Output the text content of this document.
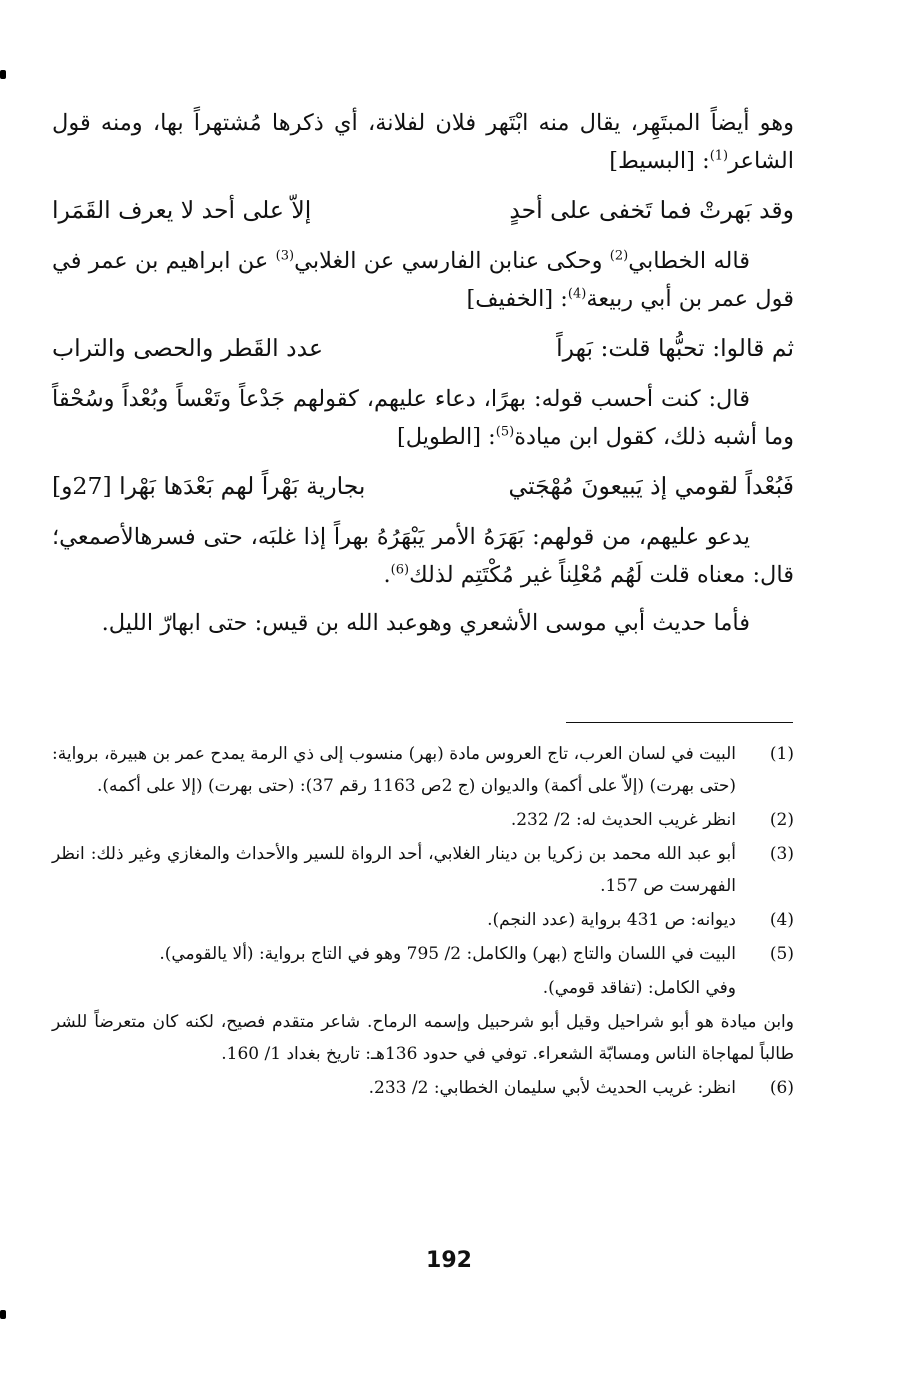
وهو أيضاً المبتَهِر، يقال منه ابْتَهر فلان لفلانة، أي ذكرها مُشتهراً بها، ومنه قول الشاعر$^{(1)}$: [البسيط]

وقد بَهرتْ فما تَخفى على أحدٍ
إلاّ على أحد لا يعرف القَمَرا

قاله الخطابي$^{(2)}$ وحكى عنابن الفارسي عن الغلابي$^{(3)}$ عن ابراهيم بن عمر في قول عمر بن أبي ربيعة$^{(4)}$: [الخفيف]

ثم قالوا: تحبُّها قلت: بَهراً
عدد القَطر والحصى والتراب

قال: كنت أحسب قوله: بهرًا، دعاء عليهم، كقولهم جَدْعاً وتَعْساً وبُعْداً وسُحْقاً وما أشبه ذلك، كقول ابن ميادة$^{(5)}$: [الطويل]

فَبُعْداً لقومي إذ يَبيعونَ مُهْجَتي
بجارية بَهْراً لهم بَعْدَها بَهْرا [27و]

يدعو عليهم، من قولهم: بَهَرَهُ الأمر يَبْهَرُهُ بهراً إذا غلبَه، حتى فسرهالأصمعي؛ قال: معناه قلت لَهُم مُعْلِناً غير مُكْتَتِم لذلك$^{(6)}$.

فأما حديث أبي موسى الأشعري وهوعبد الله بن قيس: حتى ابهارّ الليل.

(1)
البيت في لسان العرب، تاج العروس مادة (بهر) منسوب إلى ذي الرمة يمدح عمر بن هبيرة، برواية: (حتى بهرت) (إلاّ على أكمة) والديوان (ج 2ص 1163 رقم 37): (حتى بهرت) (إلا على أكمه).
(2)
انظر غريب الحديث له: 2/ 232.
(3)
أبو عبد الله محمد بن زكريا بن دينار الغلابي، أحد الرواة للسير والأحداث والمغازي وغير ذلك: انظر الفهرست ص 157.
(4)
ديوانه: ص 431 برواية (عدد النجم).
(5)
البيت في اللسان والتاج (بهر) والكامل: 2/ 795 وهو في التاج برواية: (ألا يالقومي).
وفي الكامل: (تفاقد قومي).
وابن ميادة هو أبو شراحيل وقيل أبو شرحبيل وإسمه الرماح. شاعر متقدم فصيح، لكنه كان متعرضاً للشر طالباً لمهاجاة الناس ومسابّة الشعراء. توفي في حدود 136هـ: تاريخ بغداد 1/ 160.
(6)
انظر: غريب الحديث لأبي سليمان الخطابي: 2/ 233.
192
